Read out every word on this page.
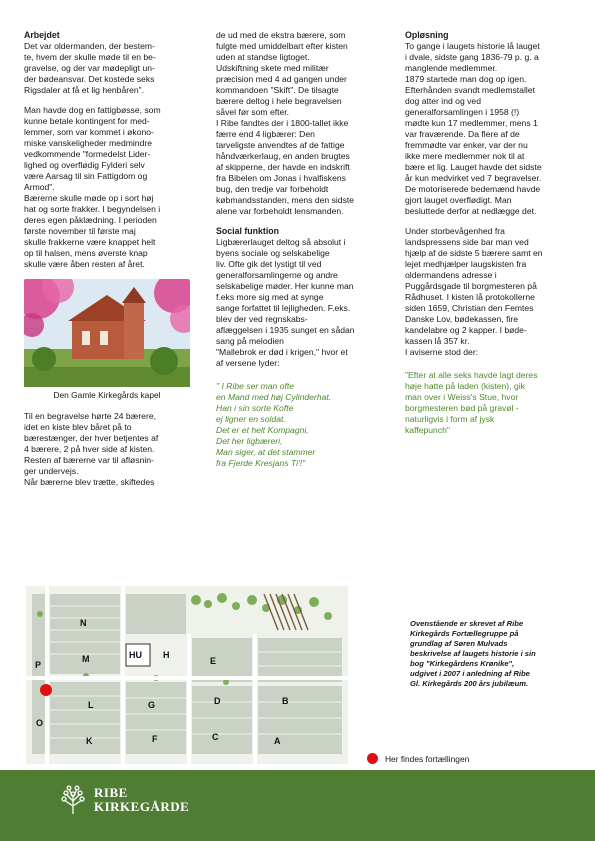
Arbejdet

Det var oldermanden, der bestem-
te, hvem der skulle møde til en be-
gravelse, og der var mødepligt un-
der bødeansvar. Det kostede seks
Rigsdaler at få et lig henbåren".

Man havde dog en fattigbøsse, som
kunne betale kontingent for med-
lemmer, som var kommet i økono-
miske vanskeligheder medmindre
vedkommende "formedelst Lider-
lighed og overflødig Fylderi selv
være Aarsag til sin Fattigdom og
Armod".
Bærerne skulle møde op i sort høj
hat og sorte frakker. I begyndelsen i
deres egen påklædning. I perioden
første november til første maj
skulle frakkerne være knappet helt
op til halsen, mens øverste knap
skulle være åben resten af året.

Den Gamle Kirkegårds kapel

Til en begravelse hørte 24 bærere,
idet en kiste blev båret på to
bærestænger, der hver betjentes af
4 bærere, 2 på hver side af kisten.
Resten af bærerne var til afløsnin-
ger undervejs.
Når bærerne blev trætte, skiftedes

de ud med de ekstra bærere, som
fulgte med umiddelbart efter kisten
uden at standse ligtoget.
Udskiftning skete med militær
præcision med 4 ad gangen under
kommandoen "Skift". De tilsagte
bærere deltog i hele begravelsen
såvel før som efter.
I Ribe fandtes der i 1800-tallet ikke
færre end 4 ligbærer: Den
tarveligste anvendtes af de fattige
håndværkerlaug, en anden brugtes
af skipperne, der havde en indskrift
fra Bibelen om Jonas i hvalfiskens
bug, den tredje var forbeholdt
købmandsstanden, mens den sidste
alene var forbeholdt lensmanden.

Social funktion

Ligbærerlauget deltog så absolut i
byens sociale og selskabelige
liv. Ofte gik det lystigt til ved
generalforsamlingerne og andre
selskabelige møder. Her kunne man
f.eks more sig med at synge
sange forfattet til lejligheden. F.eks.
blev der ved regnskabs-
aflæggelsen i 1935 sunget en sådan
sang på melodien
"Mallebrok er død i krigen," hvor et
af versene lyder:

" I Ribe ser man ofte
en Mand med høj Cylinderhat.
Han i sin sorte Kofte
ej ligner en soldat.
Det er et helt Kompagni,
Det her ligbæreri,
Man siger, at det stammer
fra Fjerde Kresjans Ti'!"
Opløsning

To gange i laugets historie lå lauget
i dvale, sidste gang 1836-79 p. g. a
manglende medlemmer.
1879 startede man dog op igen.
Efterhånden svandt medlemstallet
dog atter ind og ved
generalforsamlingen i 1958 (!)
mødte kun 17 medlemmer, mens 1
var fraværende. Da flere af de
fremmødte var enker, var der nu
ikke mere medlemmer nok til at
bære et lig. Lauget havde det sidste
år kun medvirket ved 7 begravelser.
De motoriserede bedemænd havde
gjort lauget overflødigt. Man
besluttede derfor at nedlægge det.

Under storbevågenhed fra
landspressens side bar man ved
hjælp af de sidste 5 bærere samt en
lejet medhjælper laugskisten fra
oldermandens adresse i
Puggårdsgade til borgmesteren på
Rådhuset. I kisten lå protokollerne
siden 1659, Christian den Femtes
Danske Lov, bødekassen, fire
kandelabre og 2 kapper. I bøde-
kassen lå 357 kr.
I aviserne stod der:

"Efter at alle seks havde lagt deres
høje hatte på laden (kisten), gik
man over i Weiss's Stue, hvor
borgmesteren bød på gravøl -
naturligvis i form af jysk
kaffepunch"
N
P
M	HU H
E
L	G	D	B
O
K	F	C	A
Ovenstående er skrevet af Ribe
Kirkegårds Fortællegruppe på
grundlag af Søren Mulvads
beskrivelse af laugets historie i sin
bog "Kirkegårdens Krønike",
udgivet i 2007 i anledning af Ribe
Gl. Kirkegårds 200 års jubilæum.
Her findes fortællingen
RIBE
KIRKEGÅRDE
